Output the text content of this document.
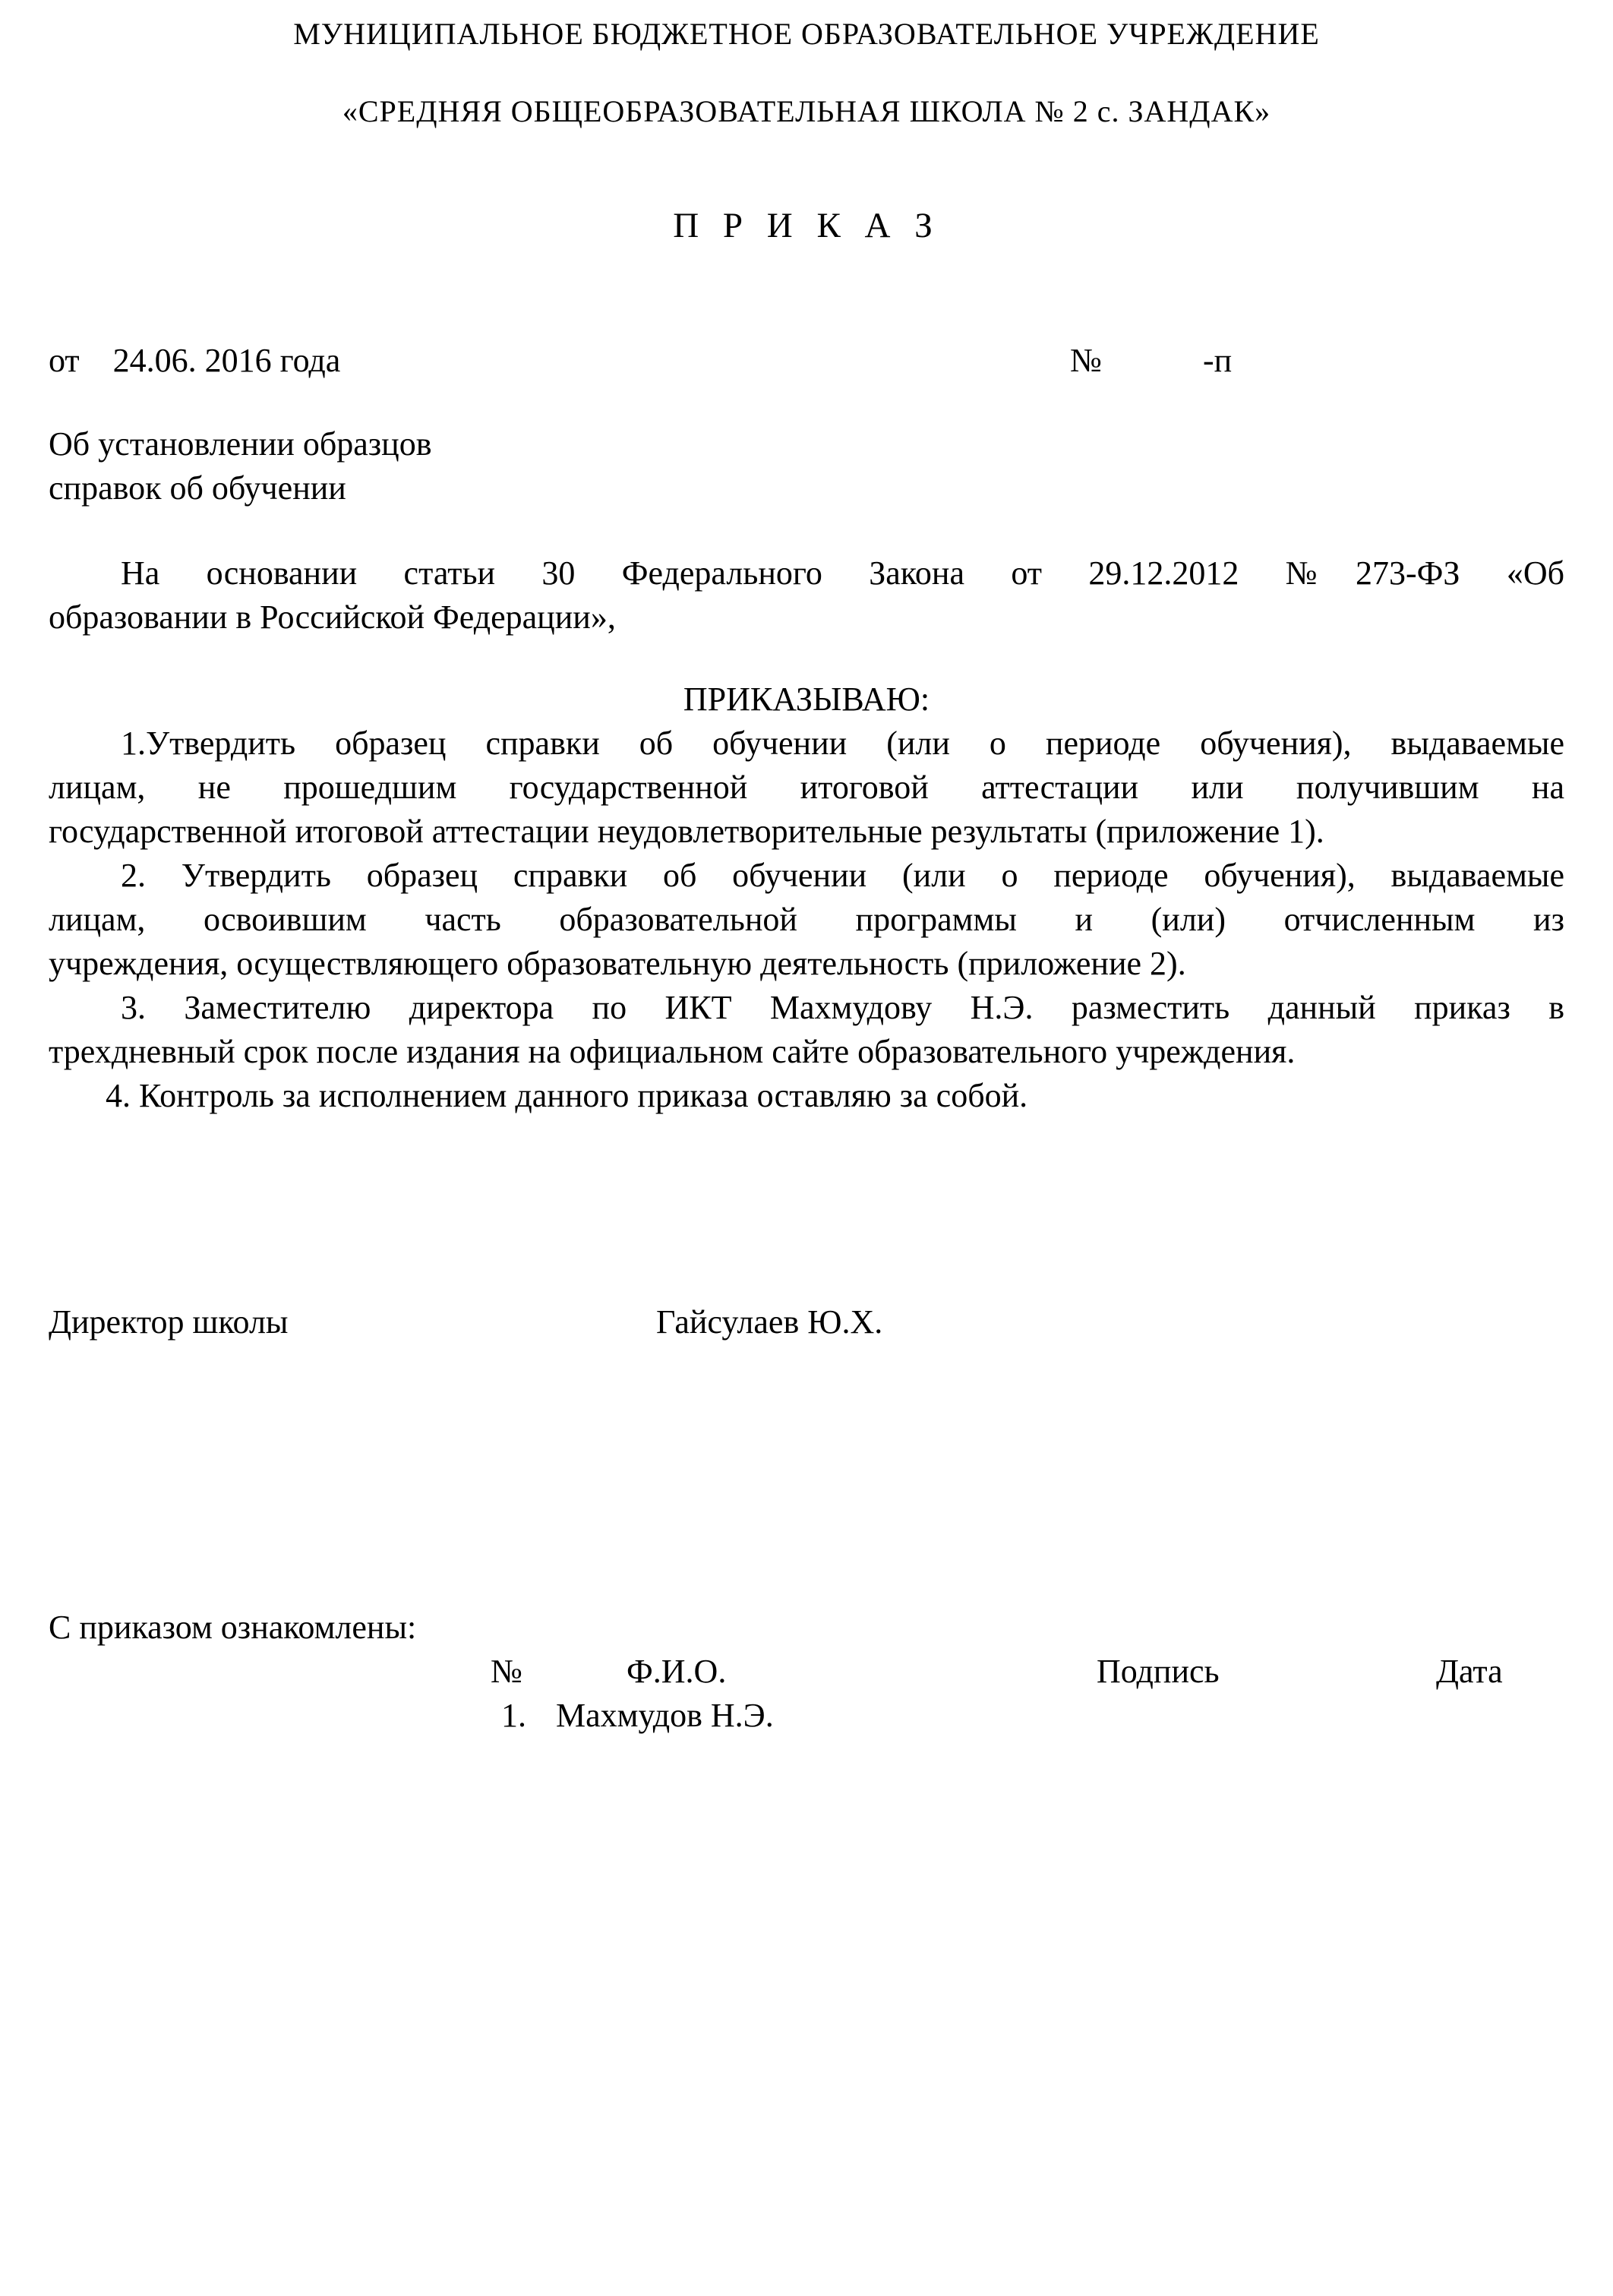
МУНИЦИПАЛЬНОЕ БЮДЖЕТНОЕ ОБРАЗОВАТЕЛЬНОЕ УЧРЕЖДЕНИЕ
«СРЕДНЯЯ ОБЩЕОБРАЗОВАТЕЛЬНАЯ ШКОЛА № 2 с. ЗАНДАК»
П Р И К А З
от    24.06. 2016 года	№	-п
Об установлении образцов
справок об обучении
На основании статьи 30 Федерального Закона от 29.12.2012 №273-ФЗ «Об
образовании в Российской Федерации»,
ПРИКАЗЫВАЮ:
1.Утвердить образец справки об обучении (или о периоде обучения), выдаваемые
лицам, не прошедшим государственной итоговой аттестации или получившим на
государственной итоговой аттестации неудовлетворительные результаты (приложение 1).
2. Утвердить образец справки об обучении (или о периоде обучения), выдаваемые
лицам, освоившим часть образовательной программы и (или) отчисленным из
учреждения, осуществляющего образовательную деятельность (приложение 2).
3. Заместителю директора по ИКТ Махмудову Н.Э. разместить данный приказ в
трехдневный срок после издания на официальном сайте образовательного учреждения.
4. Контроль за исполнением данного приказа оставляю за собой.
Директор школы	Гайсулаев Ю.Х.
С приказом ознакомлены:
№	Ф.И.О.	Подпись	Дата
1. Махмудов Н.Э.
